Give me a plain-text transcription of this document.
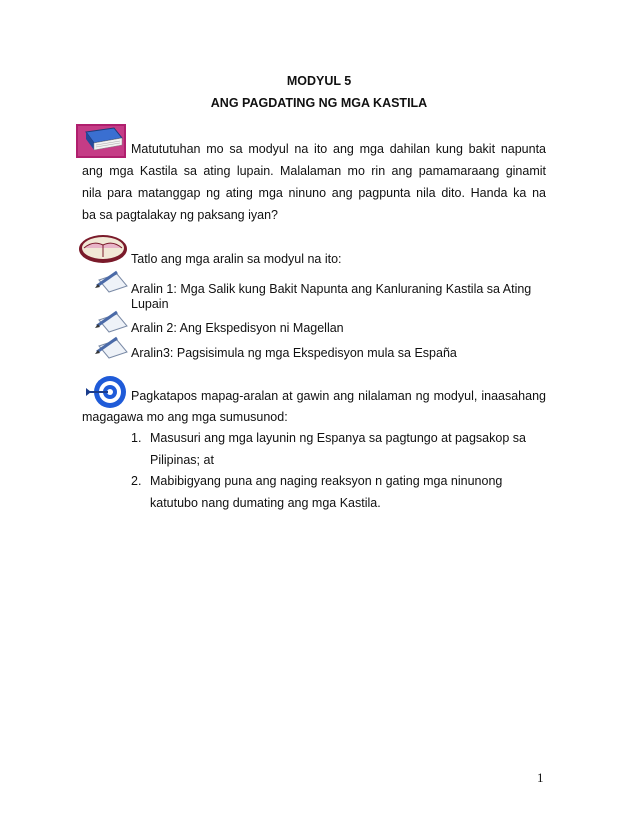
MODYUL 5
ANG PAGDATING NG MGA KASTILA
Matututuhan mo sa modyul na ito ang mga dahilan kung bakit napunta
ang mga Kastila sa ating lupain. Malalaman mo rin ang pamamaraang ginamit
nila para matanggap ng ating mga ninuno ang pagpunta nila dito. Handa ka na
ba sa pagtalakay ng paksang iyan?
Tatlo ang mga aralin sa modyul na ito:
Aralin 1: Mga Salik kung Bakit Napunta ang Kanluraning Kastila sa Ating
Lupain
Aralin 2: Ang Ekspedisyon ni Magellan
Aralin3: Pagsisimula ng mga Ekspedisyon mula sa España
Pagkatapos mapag-aralan at gawin ang nilalaman ng modyul, inaasahang
magagawa mo ang mga sumusunod:
1. Masusuri ang mga layunin ng Espanya sa pagtungo at pagsakop sa
Pilipinas; at
2. Mabibigyang puna ang naging reaksyon n gating mga ninunong
katutubo nang dumating ang mga Kastila.
1
